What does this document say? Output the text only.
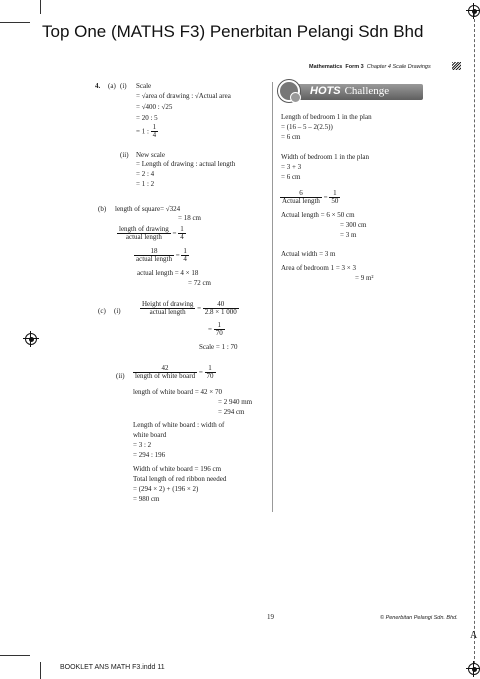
Top One (MATHS F3) Penerbitan Pelangi Sdn Bhd
Mathematics Form 3 Chapter 4 Scale Drawings
4. (a) (i) Scale
= √area of drawing : √Actual area
= √400 : √25
= 20 : 5
= 1 : $\frac{1}{4}$
(ii) New scale
= Length of drawing : actual length
= 2 : 4
= 1 : 2
(b) length of square= √324
= 18 cm
$\frac{\text{length of drawing}}{\text{actual length}} = \frac{1}{4}$
$\frac{18}{\text{actual length}} = \frac{1}{4}$
actual length = 4 × 18
= 72 cm
(c) (i)	$\frac{\text{Height of drawing}}{\text{actual length}} = \frac{40}{2.8 \times 1 000}$
= $\frac{1}{70}$
Scale = 1 : 70
$(ii) \frac{42}{\text{length of white board}} = \frac{1}{70}$
length of white board = 42 × 70
= 2 940 mm
= 294 cm
Length of white board : width of
white board
= 3 : 2
= 294 : 196
Width of white board = 196 cm
Total length of red ribbon needed
= (294 × 2) + (196 × 2)
= 980 cm
HOTS Challenge
Length of bedroom 1 in the plan
= (16 – 5 – 2(2.5))
= 6 cm
Width of bedroom 1 in the plan
= 3 + 3
= 6 cm
$\frac{6}{\text{Actual length}} = \frac{1}{50}$
Actual length = 6 × 50 cm
= 300 cm
= 3 m
Actual width = 3 m
Area of bedroom 1 = 3 × 3
= 9 m²
19	© Penerbitan Pelangi Sdn. Bhd.
A
BOOKLET ANS MATH F3.indd 11
